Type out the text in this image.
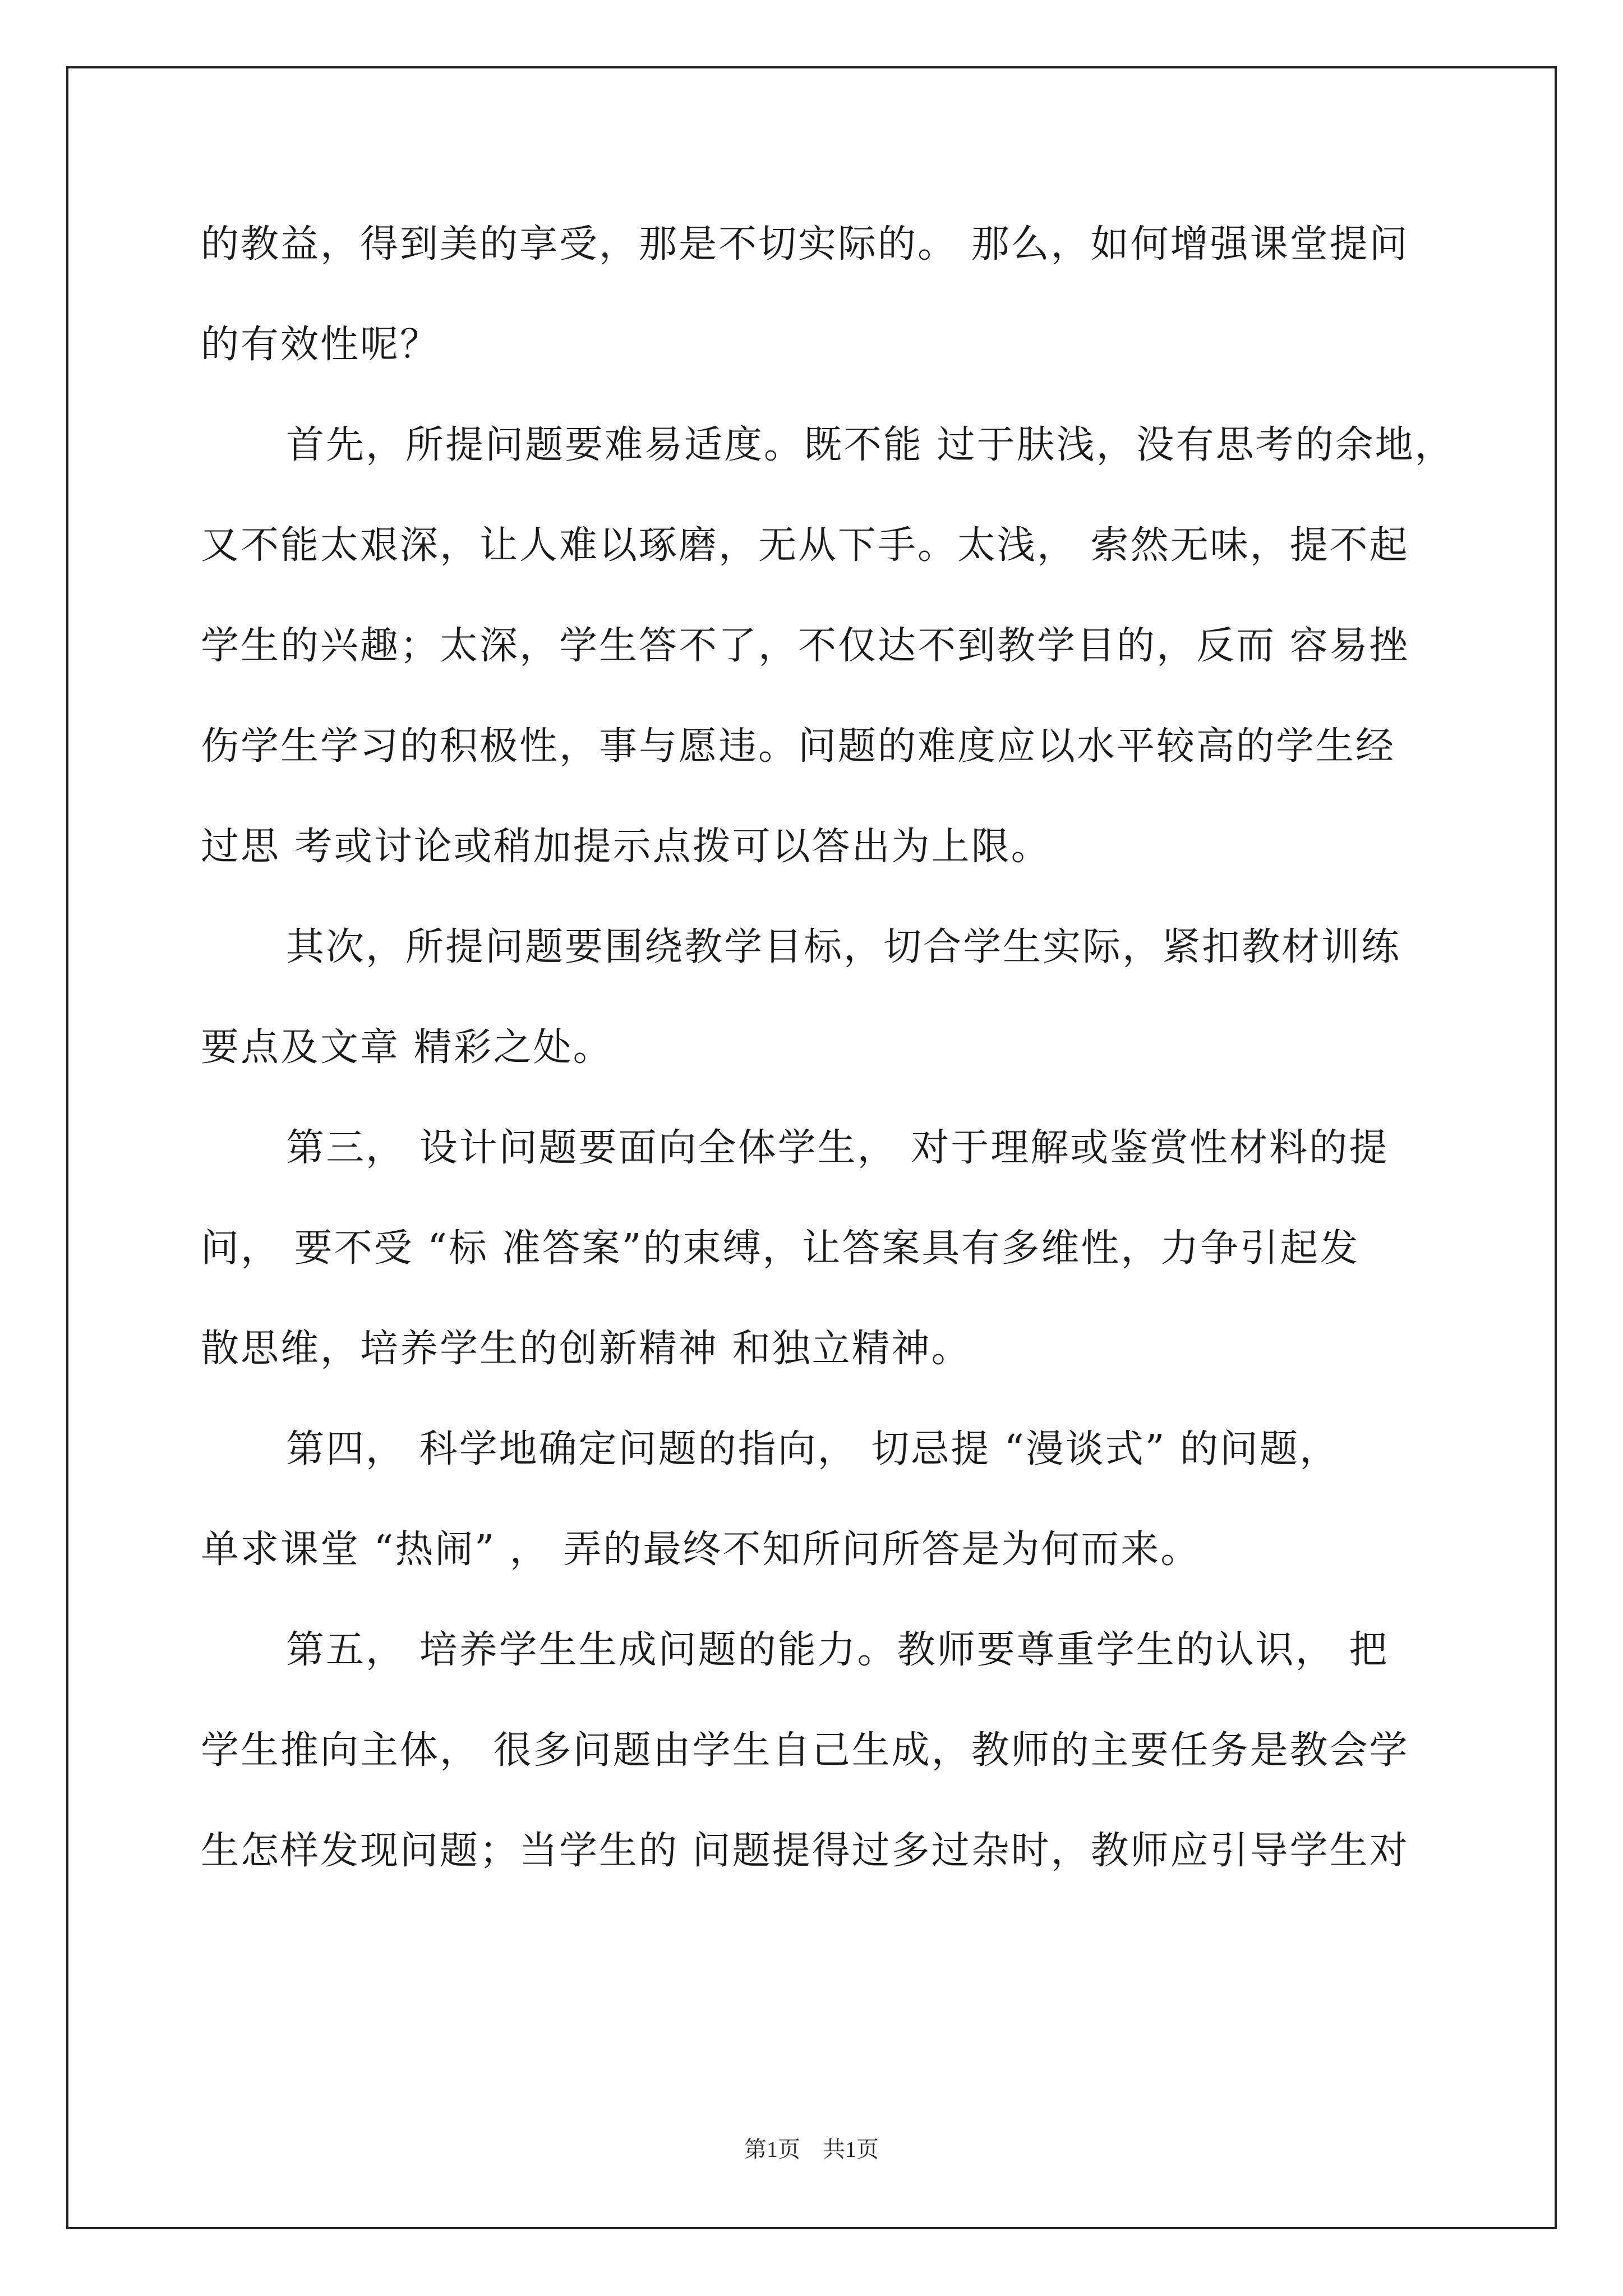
的教益，得到美的享受，那是不切实际的。 那么，如何增强课堂提问
的有效性呢？
首先，所提问题要难易适度。既不能 过于肤浅，没有思考的余地，
又不能太艰深，让人难以琢磨，无从下手。太浅， 索然无味，提不起
学生的兴趣；太深，学生答不了，不仅达不到教学目的，反而 容易挫
伤学生学习的积极性，事与愿违。问题的难度应以水平较高的学生经
过思 考或讨论或稍加提示点拨可以答出为上限。
其次，所提问题要围绕教学目标，切合学生实际，紧扣教材训练
要点及文章 精彩之处。
第三， 设计问题要面向全体学生， 对于理解或鉴赏性材料的提
问， 要不受 “标 准答案”的束缚，让答案具有多维性，力争引起发
散思维，培养学生的创新精神 和独立精神。
第四， 科学地确定问题的指向， 切忌提 “漫谈式” 的问题，
单求课堂 “热闹” ， 弄的最终不知所问所答是为何而来。
第五， 培养学生生成问题的能力。教师要尊重学生的认识， 把
学生推向主体， 很多问题由学生自己生成，教师的主要任务是教会学
生怎样发现问题；当学生的 问题提得过多过杂时，教师应引导学生对
第1页　共1页
